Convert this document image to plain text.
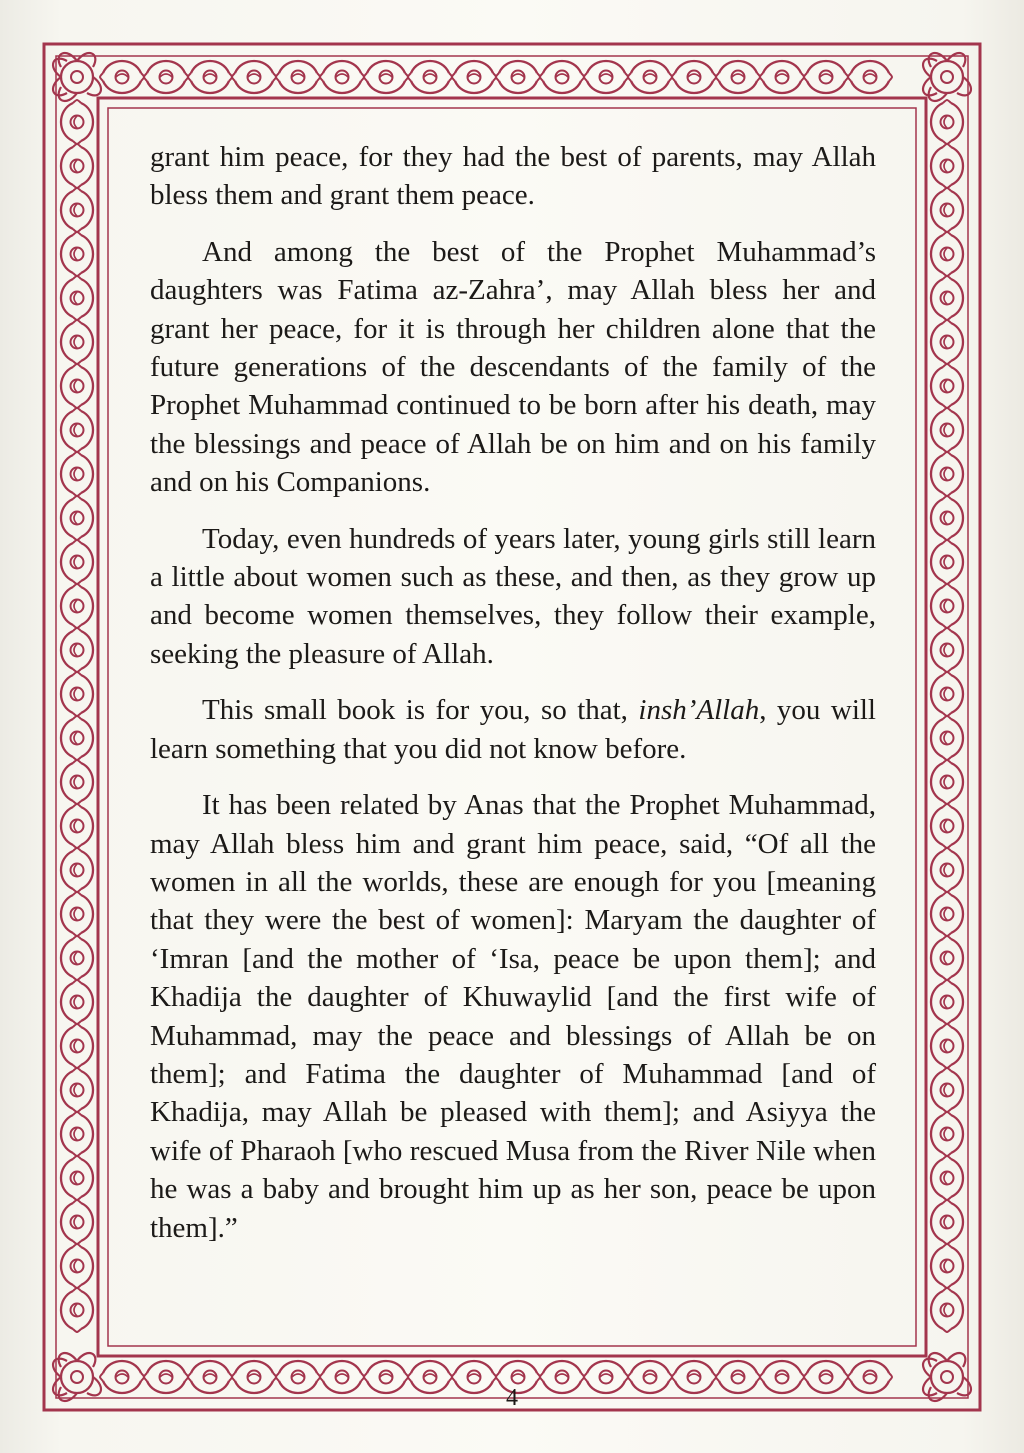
grant him peace, for they had the best of parents, may Allah bless them and grant them peace.

And among the best of the Prophet Muhammad’s daughters was Fatima az-Zahra’, may Allah bless her and grant her peace, for it is through her children alone that the future generations of the descendants of the family of the Prophet Muhammad continued to be born after his death, may the blessings and peace of Allah be on him and on his family and on his Companions.

Today, even hundreds of years later, young girls still learn a little about women such as these, and then, as they grow up and become women themselves, they follow their example, seeking the pleasure of Allah.

This small book is for you, so that, insh’Allah, you will learn something that you did not know before.

It has been related by Anas that the Prophet Muhammad, may Allah bless him and grant him peace, said, “Of all the women in all the worlds, these are enough for you [meaning that they were the best of women]: Maryam the daughter of ‘Imran [and the mother of ‘Isa, peace be upon them]; and Khadija the daughter of Khuwaylid [and the first wife of Muhammad, may the peace and blessings of Allah be on them]; and Fatima the daughter of Muhammad [and of Khadija, may Allah be pleased with them]; and Asiyya the wife of Pharaoh [who rescued Musa from the River Nile when he was a baby and brought him up as her son, peace be upon them].”

4
